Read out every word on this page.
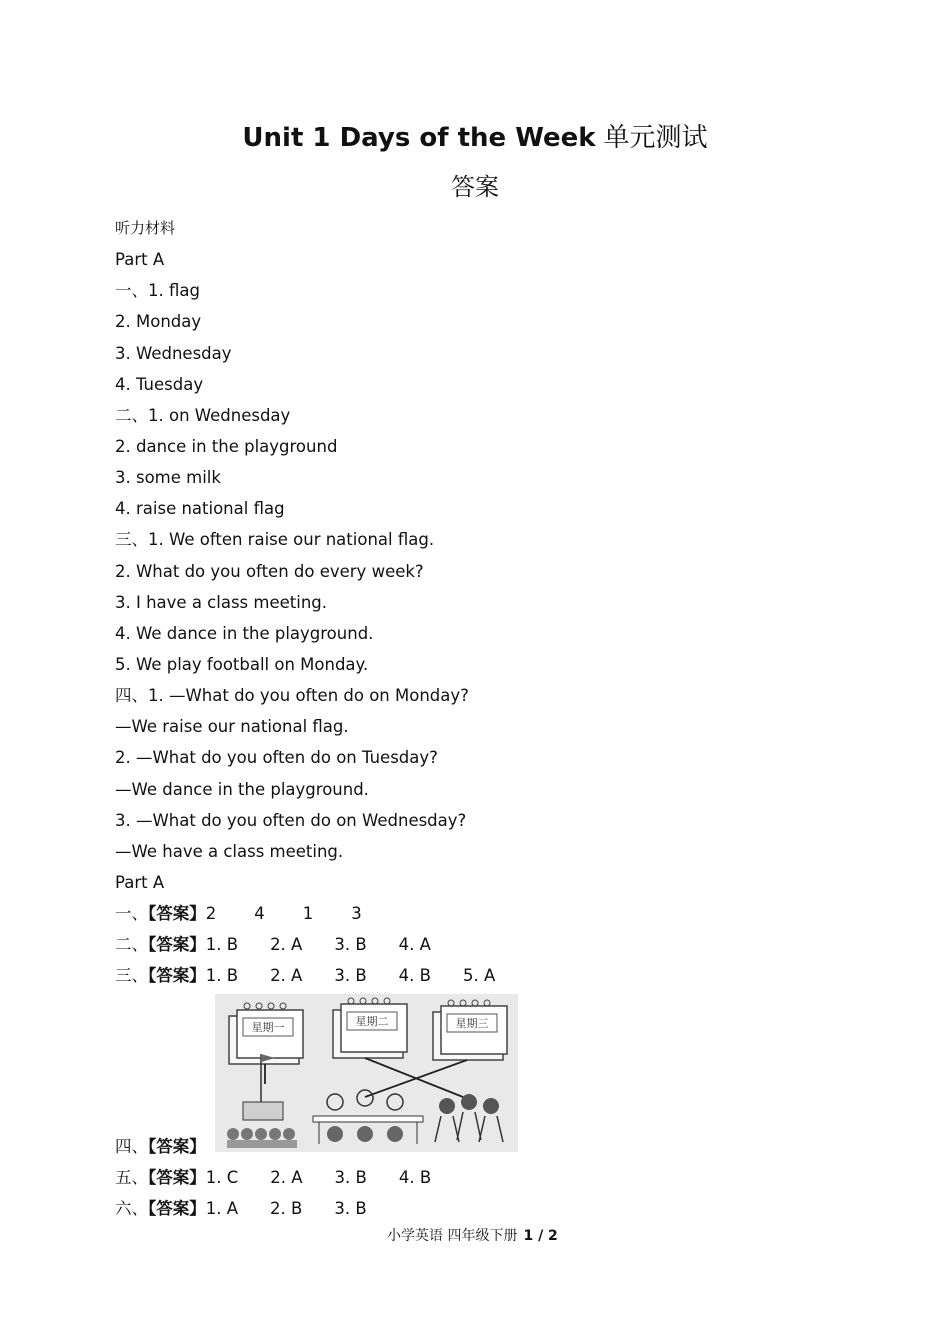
Unit 1 Days of the Week 单元测试
答案
听力材料
Part A
一、1. flag
2. Monday
3. Wednesday
4. Tuesday
二、1. on Wednesday
2. dance in the playground
3. some milk
4. raise national flag
三、1. We often raise our national flag.
2. What do you often do every week?
3. I have a class meeting.
4. We dance in the playground.
5. We play football on Monday.
四、1. —What do you often do on Monday?
—We raise our national flag.
2. —What do you often do on Tuesday?
—We dance in the playground.
3. —What do you often do on Wednesday?
—We have a class meeting.
Part A
一、【答案】2 4 1 3
二、【答案】1. B 2. A 3. B 4. A
三、【答案】1. B 2. A 3. B 4. B 5. A
四、【答案】
星期一	星期二	星期三
五、【答案】1. C 2. A 3. B 4. B
六、【答案】1. A 2. B 3. B
小学英语 四年级下册 1 / 2
